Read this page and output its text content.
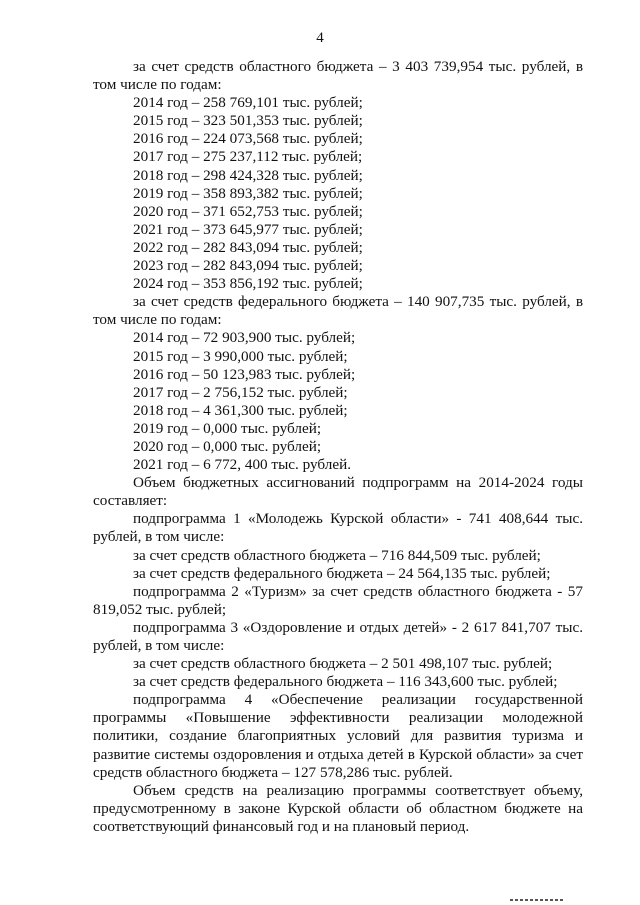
4

за счет средств областного бюджета – 3 403 739,954 тыс. рублей, в том числе по годам:

2014 год – 258 769,101 тыс. рублей;

2015 год – 323 501,353 тыс. рублей;

2016 год – 224 073,568 тыс. рублей;

2017 год – 275 237,112 тыс. рублей;

2018 год – 298 424,328 тыс. рублей;

2019 год – 358 893,382 тыс. рублей;

2020 год – 371 652,753 тыс. рублей;

2021 год – 373 645,977 тыс. рублей;

2022 год – 282 843,094 тыс. рублей;

2023 год – 282 843,094 тыс. рублей;

2024 год – 353 856,192 тыс. рублей;

за счет средств федерального бюджета – 140 907,735 тыс. рублей, в том числе по годам:

2014 год – 72 903,900 тыс. рублей;

2015 год – 3 990,000 тыс. рублей;

2016 год – 50 123,983 тыс. рублей;

2017 год – 2 756,152 тыс. рублей;

2018 год – 4 361,300 тыс. рублей;

2019 год – 0,000 тыс. рублей;

2020 год – 0,000 тыс. рублей;

2021 год – 6 772, 400 тыс. рублей.

Объем бюджетных ассигнований подпрограмм на 2014-2024 годы составляет:

подпрограмма 1 «Молодежь Курской области» - 741 408,644 тыс. рублей, в том числе:

за счет средств областного бюджета – 716 844,509 тыс. рублей;

за счет средств федерального бюджета – 24 564,135 тыс. рублей;

подпрограмма 2 «Туризм» за счет средств областного бюджета - 57 819,052 тыс. рублей;

подпрограмма 3 «Оздоровление и отдых детей» - 2 617 841,707 тыс. рублей, в том числе:

за счет средств областного бюджета – 2 501 498,107 тыс. рублей;

за счет средств федерального бюджета – 116 343,600 тыс. рублей;

подпрограмма 4 «Обеспечение реализации государственной программы «Повышение эффективности реализации молодежной политики, создание благоприятных условий для развития туризма и развитие системы оздоровления и отдыха детей в Курской области» за счет средств областного бюджета – 127 578,286 тыс. рублей.

Объем средств на реализацию программы соответствует объему, предусмотренному в законе Курской области об областном бюджете на соответствующий финансовый год и на плановый период.
